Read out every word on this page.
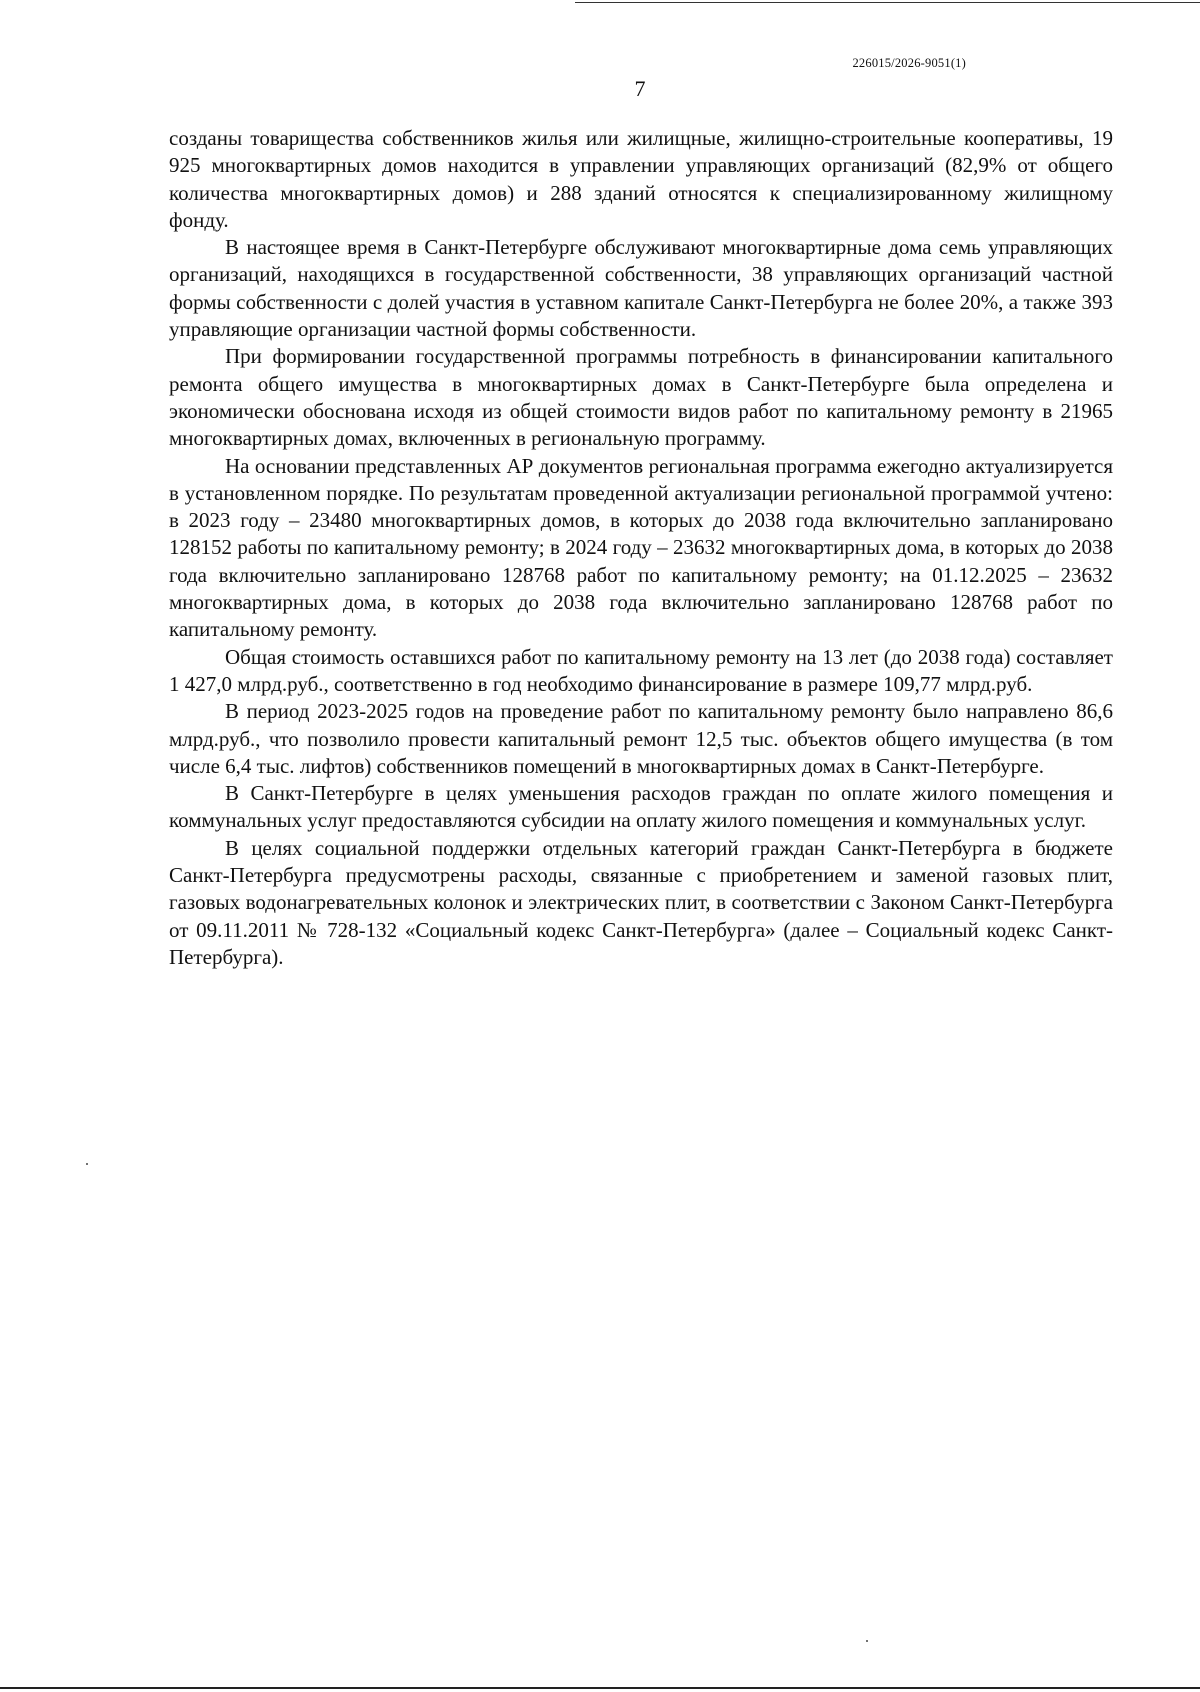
226015/2026-9051(1)
7

созданы товарищества собственников жилья или жилищные, жилищно-строительные кооперативы, 19 925 многоквартирных домов находится в управлении управляющих организаций (82,9% от общего количества многоквартирных домов) и 288 зданий относятся к специализированному жилищному фонду.

В настоящее время в Санкт-Петербурге обслуживают многоквартирные дома семь управляющих организаций, находящихся в государственной собственности, 38 управляющих организаций частной формы собственности с долей участия в уставном капитале Санкт-Петербурга не более 20%, а также 393 управляющие организации частной формы собственности.

При формировании государственной программы потребность в финансировании капитального ремонта общего имущества в многоквартирных домах в Санкт-Петербурге была определена и экономически обоснована исходя из общей стоимости видов работ по капитальному ремонту в 21965 многоквартирных домах, включенных в региональную программу.

На основании представленных АР документов региональная программа ежегодно актуализируется в установленном порядке. По результатам проведенной актуализации региональной программой учтено: в 2023 году – 23480 многоквартирных домов, в которых до 2038 года включительно запланировано 128152 работы по капитальному ремонту; в 2024 году – 23632 многоквартирных дома, в которых до 2038 года включительно запланировано 128768 работ по капитальному ремонту; на 01.12.2025 – 23632 многоквартирных дома, в которых до 2038 года включительно запланировано 128768 работ по капитальному ремонту.

Общая стоимость оставшихся работ по капитальному ремонту на 13 лет (до 2038 года) составляет 1 427,0 млрд.руб., соответственно в год необходимо финансирование в размере 109,77 млрд.руб.

В период 2023-2025 годов на проведение работ по капитальному ремонту было направлено 86,6 млрд.руб., что позволило провести капитальный ремонт 12,5 тыс. объектов общего имущества (в том числе 6,4 тыс. лифтов) собственников помещений в многоквартирных домах в Санкт-Петербурге.

В Санкт-Петербурге в целях уменьшения расходов граждан по оплате жилого помещения и коммунальных услуг предоставляются субсидии на оплату жилого помещения и коммунальных услуг.

В целях социальной поддержки отдельных категорий граждан Санкт-Петербурга в бюджете Санкт-Петербурга предусмотрены расходы, связанные с приобретением и заменой газовых плит, газовых водонагревательных колонок и электрических плит, в соответствии с Законом Санкт-Петербурга от 09.11.2011 № 728-132 «Социальный кодекс Санкт-Петербурга» (далее – Социальный кодекс Санкт-Петербурга).
